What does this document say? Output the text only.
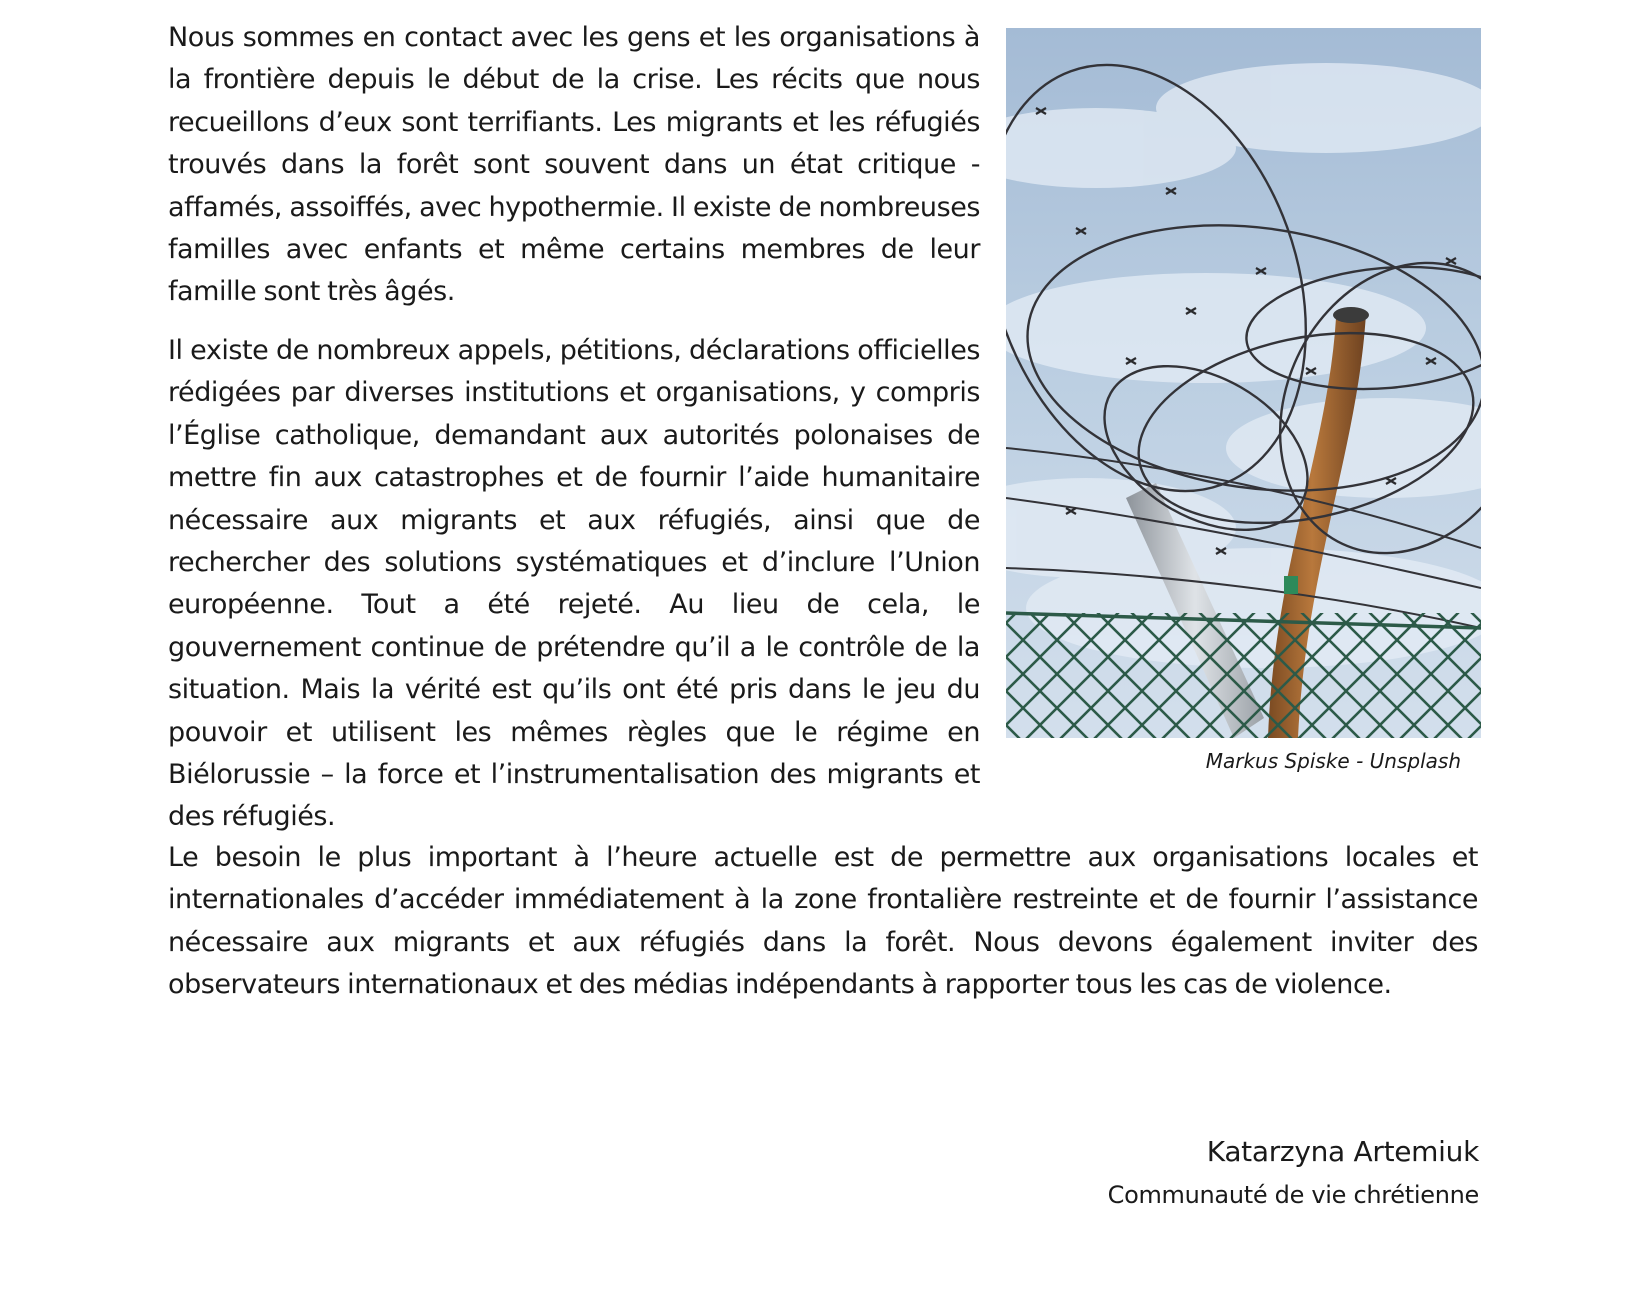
Nous sommes en contact avec les gens et les organisations à la frontière depuis le début de la crise. Les récits que nous recueillons d’eux sont terrifiants. Les migrants et les réfugiés trouvés dans la forêt sont souvent dans un état critique - affamés, assoiffés, avec hypothermie. Il existe de nombreuses familles avec enfants et même certains membres de leur famille sont très âgés.

Il existe de nombreux appels, pétitions, déclarations officielles rédigées par diverses institutions et organisations, y compris l’Église catholique, demandant aux autorités polonaises de mettre fin aux catastrophes et de fournir l’aide humanitaire nécessaire aux migrants et aux réfugiés, ainsi que de rechercher des solutions systématiques et d’inclure l’Union européenne. Tout a été rejeté. Au lieu de cela, le gouvernement continue de prétendre qu’il a le contrôle de la situation. Mais la vérité est qu’ils ont été pris dans le jeu du pouvoir et utilisent les mêmes règles que le régime en Biélorussie – la force et l’instrumentalisation des migrants et des réfugiés.

Markus Spiske - Unsplash

Le besoin le plus important à l’heure actuelle est de permettre aux organisations locales et internationales d’accéder immédiatement à la zone frontalière restreinte et de fournir l’assistance nécessaire aux migrants et aux réfugiés dans la forêt. Nous devons également inviter des observateurs internationaux et des médias indépendants à rapporter tous les cas de violence.

Katarzyna Artemiuk
Communauté de vie chrétienne
